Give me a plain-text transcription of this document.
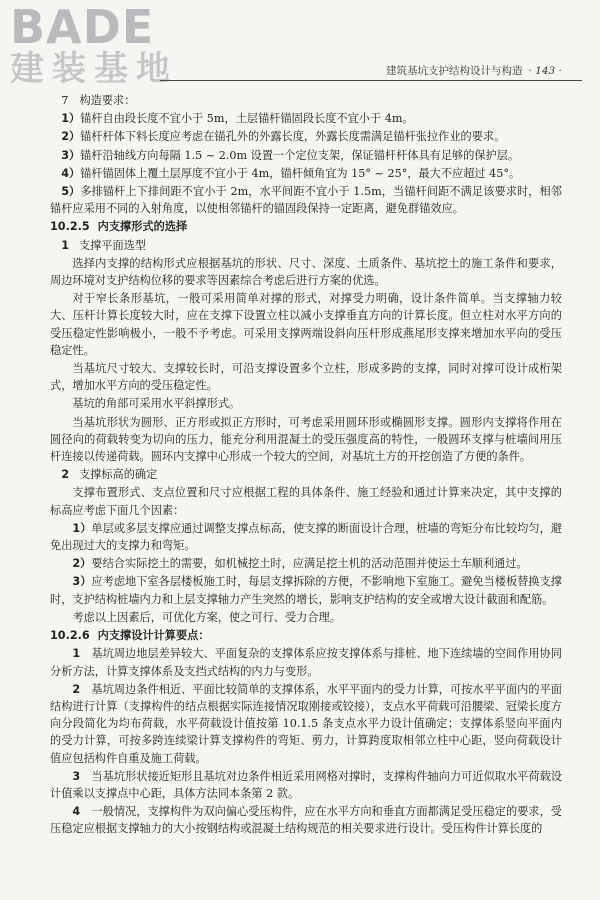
BADE
建装基地	建筑基坑支护结构设计与构造 · 143 ·
7　构造要求：
1）锚杆自由段长度不宜小于 5m，土层锚杆锚固段长度不宜小于 4m。
2）锚杆杆体下料长度应考虑在锚孔外的外露长度，外露长度需满足锚杆张拉作业的要求。
3）锚杆沿轴线方向每隔 1.5 ~ 2.0m 设置一个定位支架，保证锚杆杆体具有足够的保护层。
4）锚杆锚固体上覆土层厚度不宜小于 4m，锚杆倾角宜为 15° ~ 25°，最大不应超过 45°。
5）多排锚杆上下排间距不宜小于 2m，水平间距不宜小于 1.5m，当锚杆间距不满足该要求时，相邻锚杆应采用不同的入射角度，以使相邻锚杆的锚固段保持一定距离，避免群锚效应。
10.2.5 内支撑形式的选择
1 支撑平面选型
选择内支撑的结构形式应根据基坑的形状、尺寸、深度、土质条件、基坑挖土的施工条件和要求，周边环境对支护结构位移的要求等因素综合考虑后进行方案的优选。
对于窄长条形基坑，一般可采用简单对撑的形式，对撑受力明确，设计条件简单。当支撑轴力较大、压杆计算长度较大时，应在支撑下设置立柱以减小支撑垂直方向的计算长度。但立柱对水平方向的受压稳定性影响极小，一般不予考虑。可采用支撑两端设斜向压杆形成燕尾形支撑来增加水平向的受压稳定性。
当基坑尺寸较大、支撑较长时，可沿支撑设置多个立柱，形成多跨的支撑，同时对撑可设计成桁架式，增加水平方向的受压稳定性。
基坑的角部可采用水平斜撑形式。
当基坑形状为圆形、正方形或拟正方形时，可考虑采用圆环形或椭圆形支撑。圆形内支撑将作用在圆径向的荷载转变为切向的压力，能充分利用混凝土的受压强度高的特性，一般圆环支撑与桩墙间用压杆连接以传递荷载。圆环内支撑中心形成一个较大的空间，对基坑土方的开挖创造了方便的条件。
2 支撑标高的确定
支撑布置形式、支点位置和尺寸应根据工程的具体条件、施工经验和通过计算来决定，其中支撑的标高应考虑下面几个因素：
1）单层或多层支撑应通过调整支撑点标高，使支撑的断面设计合理，桩墙的弯矩分布比较均匀，避免出现过大的支撑力和弯矩。
2）要结合实际挖土的需要，如机械挖土时，应满足挖土机的活动范围并使运土车顺利通过。
3）应考虑地下室各层楼板施工时，每层支撑拆除的方便，不影响地下室施工。避免当楼板替换支撑时，支护结构桩墙内力和上层支撑轴力产生突然的增长，影响支护结构的安全或增大设计截面和配筋。
考虑以上因素后，可优化方案，使之可行、受力合理。
10.2.6 内支撑设计计算要点：
1　 基坑周边地层差异较大、平面复杂的支撑体系应按支撑体系与排桩、地下连续墙的空间作用协同分析方法，计算支撑体系及支挡式结构的内力与变形。
2　 基坑周边条件相近、平面比较简单的支撑体系，水平平面内的受力计算，可按水平平面内的平面结构进行计算（支撑构件的结点根据实际连接情况取刚接或铰接），支点水平荷载可沿腰梁、冠梁长度方向分段简化为均布荷载，水平荷载设计值按第 10.1.5 条支点水平力设计值确定；支撑体系竖向平面内的受力计算，可按多跨连续梁计算支撑构件的弯矩、剪力，计算跨度取相邻立柱中心距，竖向荷载设计值应包括构件自重及施工荷载。
3　 当基坑形状接近矩形且基坑对边条件相近采用网格对撑时，支撑构件轴向力可近似取水平荷载设计值乘以支撑点中心距，具体方法同本条第 2 款。
4　 一般情况，支撑构件为双向偏心受压构件，应在水平方向和垂直方面都满足受压稳定的要求，受压稳定应根据支撑轴力的大小按钢结构或混凝土结构规范的相关要求进行设计。受压构件计算长度的
